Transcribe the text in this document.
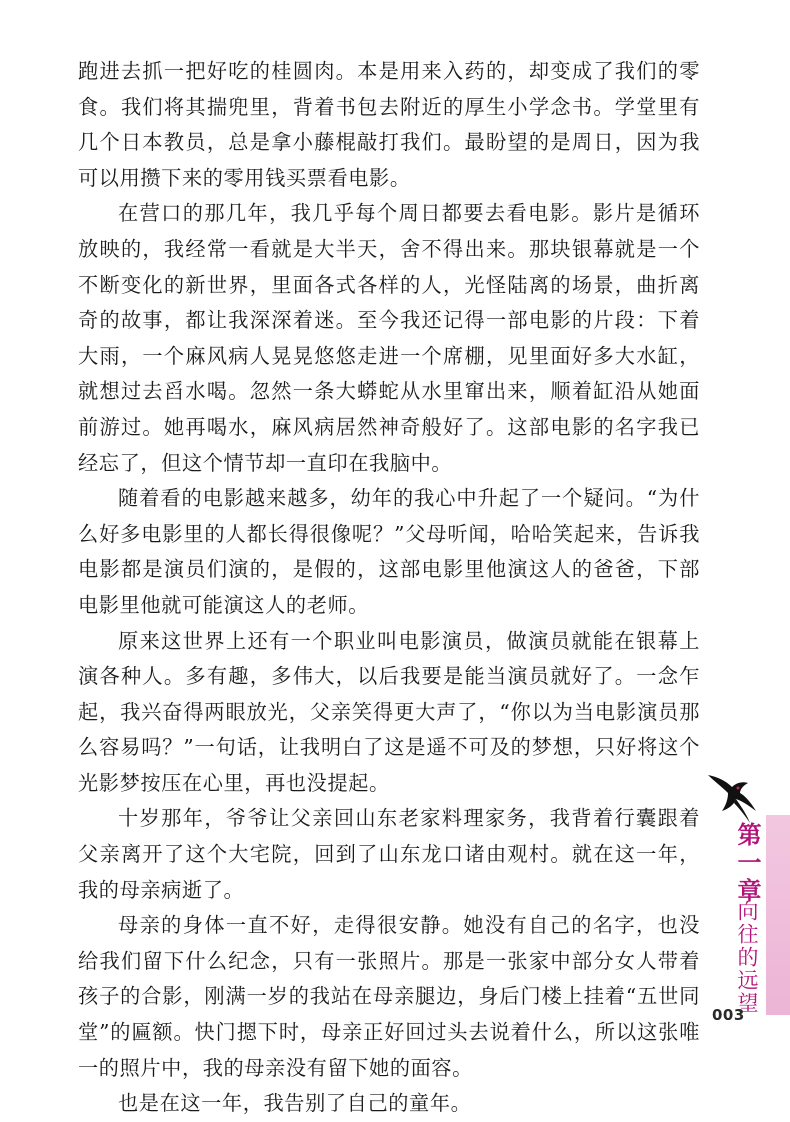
跑进去抓一把好吃的桂圆肉。本是用来入药的，却变成了我们的零食。我们将其揣兜里，背着书包去附近的厚生小学念书。学堂里有几个日本教员，总是拿小藤棍敲打我们。最盼望的是周日，因为我可以用攒下来的零用钱买票看电影。

在营口的那几年，我几乎每个周日都要去看电影。影片是循环放映的，我经常一看就是大半天，舍不得出来。那块银幕就是一个不断变化的新世界，里面各式各样的人，光怪陆离的场景，曲折离奇的故事，都让我深深着迷。至今我还记得一部电影的片段：下着大雨，一个麻风病人晃晃悠悠走进一个席棚，见里面好多大水缸，就想过去舀水喝。忽然一条大蟒蛇从水里窜出来，顺着缸沿从她面前游过。她再喝水，麻风病居然神奇般好了。这部电影的名字我已经忘了，但这个情节却一直印在我脑中。

随着看的电影越来越多，幼年的我心中升起了一个疑问。“为什么好多电影里的人都长得很像呢？”父母听闻，哈哈笑起来，告诉我电影都是演员们演的，是假的，这部电影里他演这人的爸爸，下部电影里他就可能演这人的老师。

原来这世界上还有一个职业叫电影演员，做演员就能在银幕上演各种人。多有趣，多伟大，以后我要是能当演员就好了。一念乍起，我兴奋得两眼放光，父亲笑得更大声了，“你以为当电影演员那么容易吗？”一句话，让我明白了这是遥不可及的梦想，只好将这个光影梦按压在心里，再也没提起。

十岁那年，爷爷让父亲回山东老家料理家务，我背着行囊跟着父亲离开了这个大宅院，回到了山东龙口诸由观村。就在这一年，我的母亲病逝了。

母亲的身体一直不好，走得很安静。她没有自己的名字，也没给我们留下什么纪念，只有一张照片。那是一张家中部分女人带着孩子的合影，刚满一岁的我站在母亲腿边，身后门楼上挂着“五世同堂”的匾额。快门摁下时，母亲正好回过头去说着什么，所以这张唯一的照片中，我的母亲没有留下她的面容。

也是在这一年，我告别了自己的童年。

第一章
向往的远望
003
